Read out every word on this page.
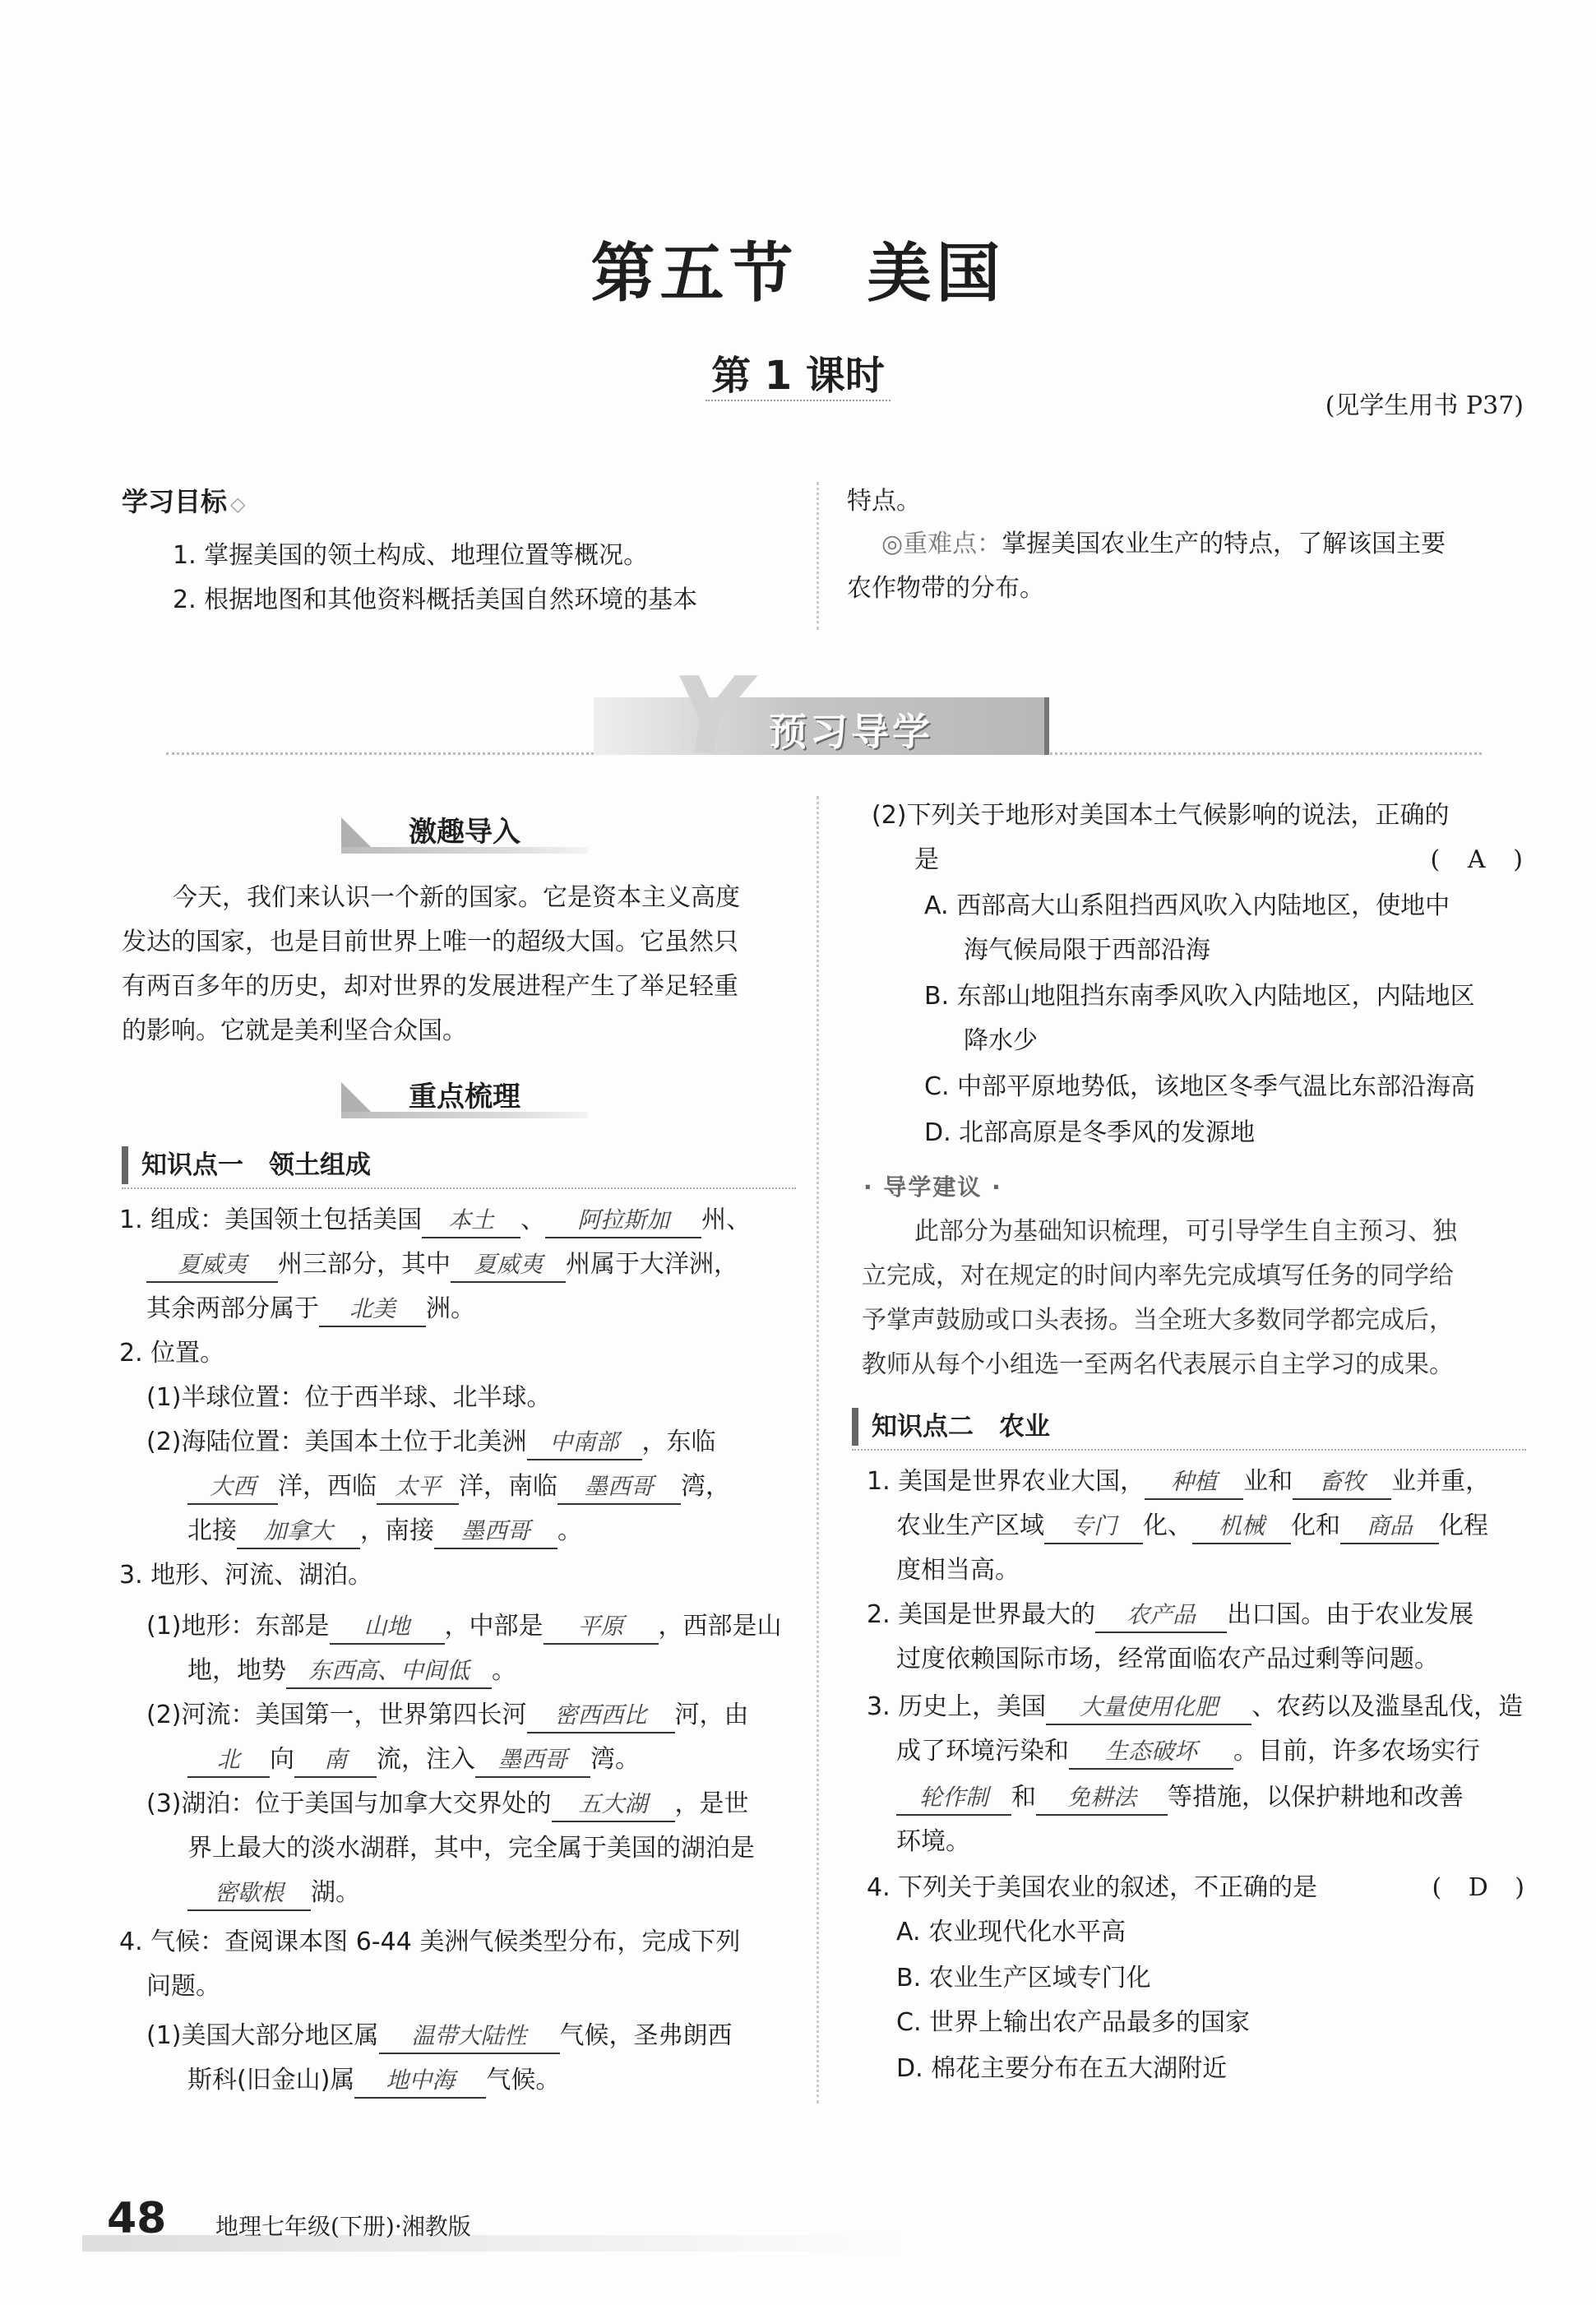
第五节　美国
第 1 课时
(见学生用书 P37)
学习目标 ◇
1. 掌握美国的领土构成、地理位置等概况。
2. 根据地图和其他资料概括美国自然环境的基本
特点。
◎重难点：掌握美国农业生产的特点，了解该国主要
农作物带的分布。
Y 预习导学
激趣导入
今天，我们来认识一个新的国家。它是资本主义高度
发达的国家，也是目前世界上唯一的超级大国。它虽然只
有两百多年的历史，却对世界的发展进程产生了举足轻重
的影响。它就是美利坚合众国。
重点梳理
知识点一　领土组成
1. 组成：美国领土包括美国 本土 、 阿拉斯加 州、
夏威夷 州三部分，其中 夏威夷 州属于大洋洲，
其余两部分属于 北美 洲。
2. 位置。
(1)半球位置：位于西半球、北半球。
(2)海陆位置：美国本土位于北美洲 中南部 ，东临
大西 洋，西临 太平 洋，南临 墨西哥 湾，
北接 加拿大 ，南接 墨西哥 。
3. 地形、河流、湖泊。
(1)地形：东部是 山地 ，中部是 平原 ，西部是山
地，地势 东西高、中间低 。
(2)河流：美国第一，世界第四长河 密西西比 河，由
北 向 南 流，注入 墨西哥 湾。
(3)湖泊：位于美国与加拿大交界处的 五大湖 ，是世
界上最大的淡水湖群，其中，完全属于美国的湖泊是
密歇根 湖。
4. 气候：查阅课本图 6-44 美洲气候类型分布，完成下列
问题。
(1)美国大部分地区属 温带大陆性 气候，圣弗朗西
斯科(旧金山)属 地中海 气候。
(2)下列关于地形对美国本土气候影响的说法，正确的
是	( A )
A. 西部高大山系阻挡西风吹入内陆地区，使地中
海气候局限于西部沿海
B. 东部山地阻挡东南季风吹入内陆地区，内陆地区
降水少
C. 中部平原地势低，该地区冬季气温比东部沿海高
D. 北部高原是冬季风的发源地
· 导学建议 ·
此部分为基础知识梳理，可引导学生自主预习、独
立完成，对在规定的时间内率先完成填写任务的同学给
予掌声鼓励或口头表扬。当全班大多数同学都完成后，
教师从每个小组选一至两名代表展示自主学习的成果。
知识点二　农业
1. 美国是世界农业大国， 种植 业和 畜牧 业并重，
农业生产区域 专门 化、 机械 化和 商品 化程
度相当高。
2. 美国是世界最大的 农产品 出口国。由于农业发展
过度依赖国际市场，经常面临农产品过剩等问题。
3. 历史上，美国 大量使用化肥 、农药以及滥垦乱伐，造
成了环境污染和 生态破坏 。目前，许多农场实行
轮作制 和 免耕法 等措施，以保护耕地和改善
环境。
4. 下列关于美国农业的叙述，不正确的是	( D )
A. 农业现代化水平高
B. 农业生产区域专门化
C. 世界上输出农产品最多的国家
D. 棉花主要分布在五大湖附近
48 地理七年级(下册)·湘教版
